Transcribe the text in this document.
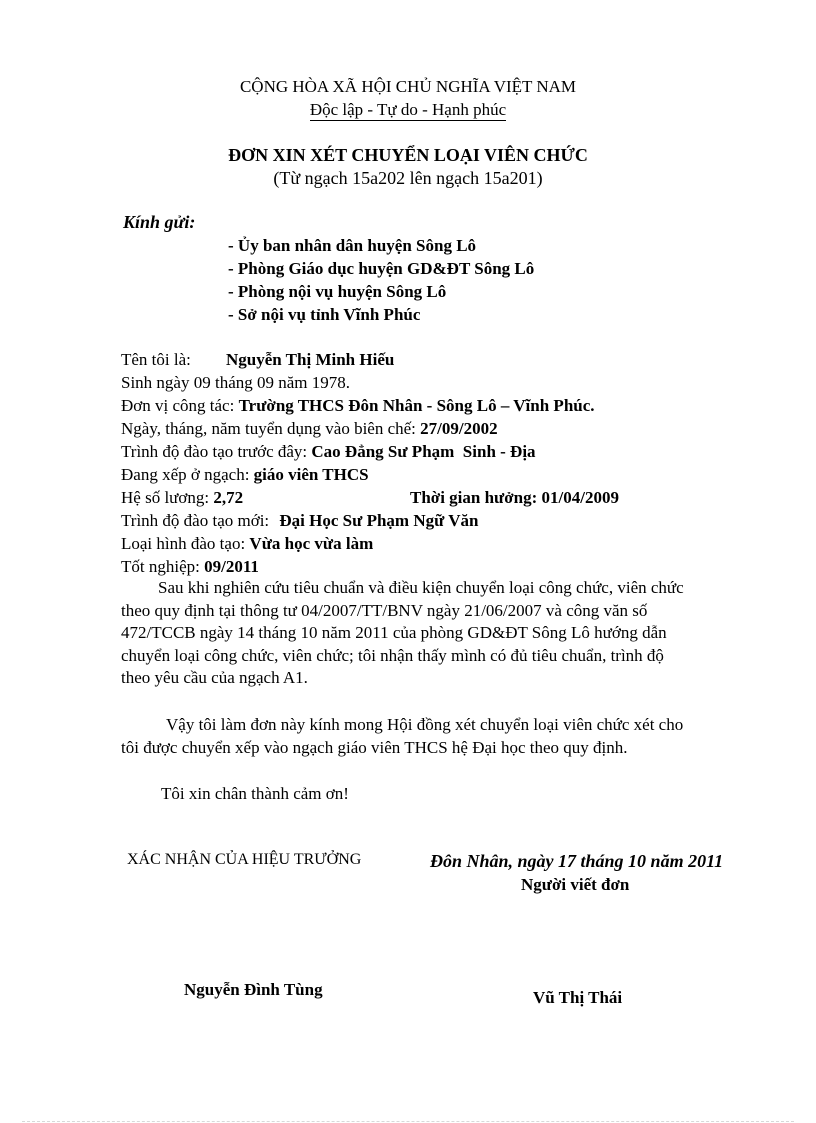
CỘNG HÒA XÃ HỘI CHỦ NGHĨA VIỆT NAM
Độc lập - Tự do - Hạnh phúc
ĐƠN XIN XÉT CHUYỂN LOẠI VIÊN CHỨC
(Từ ngạch 15a202 lên ngạch 15a201)
Kính gửi:
- Ủy ban nhân dân huyện Sông Lô
- Phòng Giáo dục huyện GD&ĐT Sông Lô
- Phòng nội vụ huyện Sông Lô
- Sở nội vụ tỉnh Vĩnh Phúc
Tên tôi là: Nguyễn Thị Minh Hiếu
Sinh ngày 09 tháng 09 năm 1978.
Đơn vị công tác: Trường THCS Đôn Nhân - Sông Lô – Vĩnh Phúc.
Ngày, tháng, năm tuyển dụng vào biên chế: 27/09/2002
Trình độ đào tạo trước đây: Cao Đẳng Sư Phạm  Sinh - Địa
Đang xếp ở ngạch: giáo viên THCS
Hệ số lương: 2,72	Thời gian hưởng: 01/04/2009
Trình độ đào tạo mới: Đại Học Sư Phạm Ngữ Văn
Loại hình đào tạo: Vừa học vừa làm
Tốt nghiệp: 09/2011
Sau khi nghiên cứu tiêu chuẩn và điều kiện chuyển loại công chức, viên chức theo quy định tại thông tư 04/2007/TT/BNV ngày 21/06/2007 và công văn số 472/TCCB ngày 14 tháng 10 năm 2011 của phòng GD&ĐT Sông Lô hướng dẫn chuyển loại công chức, viên chức; tôi nhận thấy mình có đủ tiêu chuẩn, trình độ theo yêu cầu của ngạch A1.
Vậy tôi làm đơn này kính mong Hội đồng xét chuyển loại viên chức xét cho tôi được chuyển xếp vào ngạch giáo viên THCS hệ Đại học theo quy định.
Tôi xin chân thành cảm ơn!
XÁC NHẬN CỦA HIỆU TRƯỞNG	Đôn Nhân, ngày 17 tháng 10 năm 2011
Người viết đơn
Nguyễn Đình Tùng	Vũ Thị Thái
